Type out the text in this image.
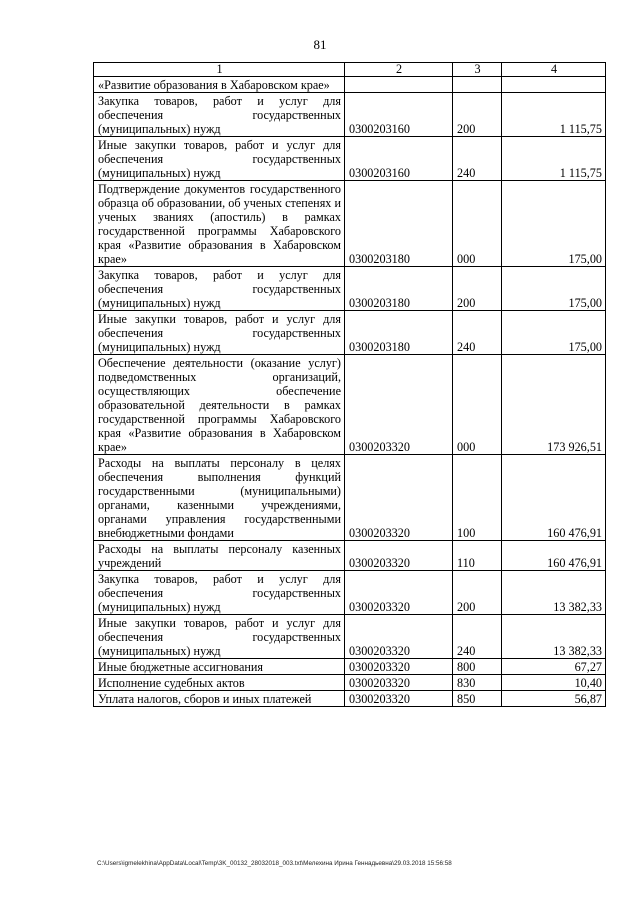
81
1	2	3	4
«Развитие образования в Хабаровском крае»			
Закупка товаров, работ и услуг для обеспечения государственных (муниципальных) нужд	0300203160	200	1 115,75
Иные закупки товаров, работ и услуг для обеспечения государственных (муниципальных) нужд	0300203160	240	1 115,75
Подтверждение документов государственного образца об образовании, об ученых степенях и ученых званиях (апостиль) в рамках государственной программы Хабаровского края «Развитие образования в Хабаровском крае»	0300203180	000	175,00
Закупка товаров, работ и услуг для обеспечения государственных (муниципальных) нужд	0300203180	200	175,00
Иные закупки товаров, работ и услуг для обеспечения государственных (муниципальных) нужд	0300203180	240	175,00
Обеспечение деятельности (оказание услуг) подведомственных организаций, осуществляющих обеспечение образовательной деятельности в рамках государственной программы Хабаровского края «Развитие образования в Хабаровском крае»	0300203320	000	173 926,51
Расходы на выплаты персоналу в целях обеспечения выполнения функций государственными (муниципальными) органами, казенными учреждениями, органами управления государственными внебюджетными фондами	0300203320	100	160 476,91
Расходы на выплаты персоналу казенных учреждений	0300203320	110	160 476,91
Закупка товаров, работ и услуг для обеспечения государственных (муниципальных) нужд	0300203320	200	13 382,33
Иные закупки товаров, работ и услуг для обеспечения государственных (муниципальных) нужд	0300203320	240	13 382,33
Иные бюджетные ассигнования	0300203320	800	67,27
Исполнение судебных актов	0300203320	830	10,40
Уплата налогов, сборов и иных платежей	0300203320	850	56,87
C:\Users\igmelekhina\AppData\Local\Temp\3K_00132_28032018_003.txt\Мелехина Ирина Геннадьевна\29.03.2018 15:56:58
